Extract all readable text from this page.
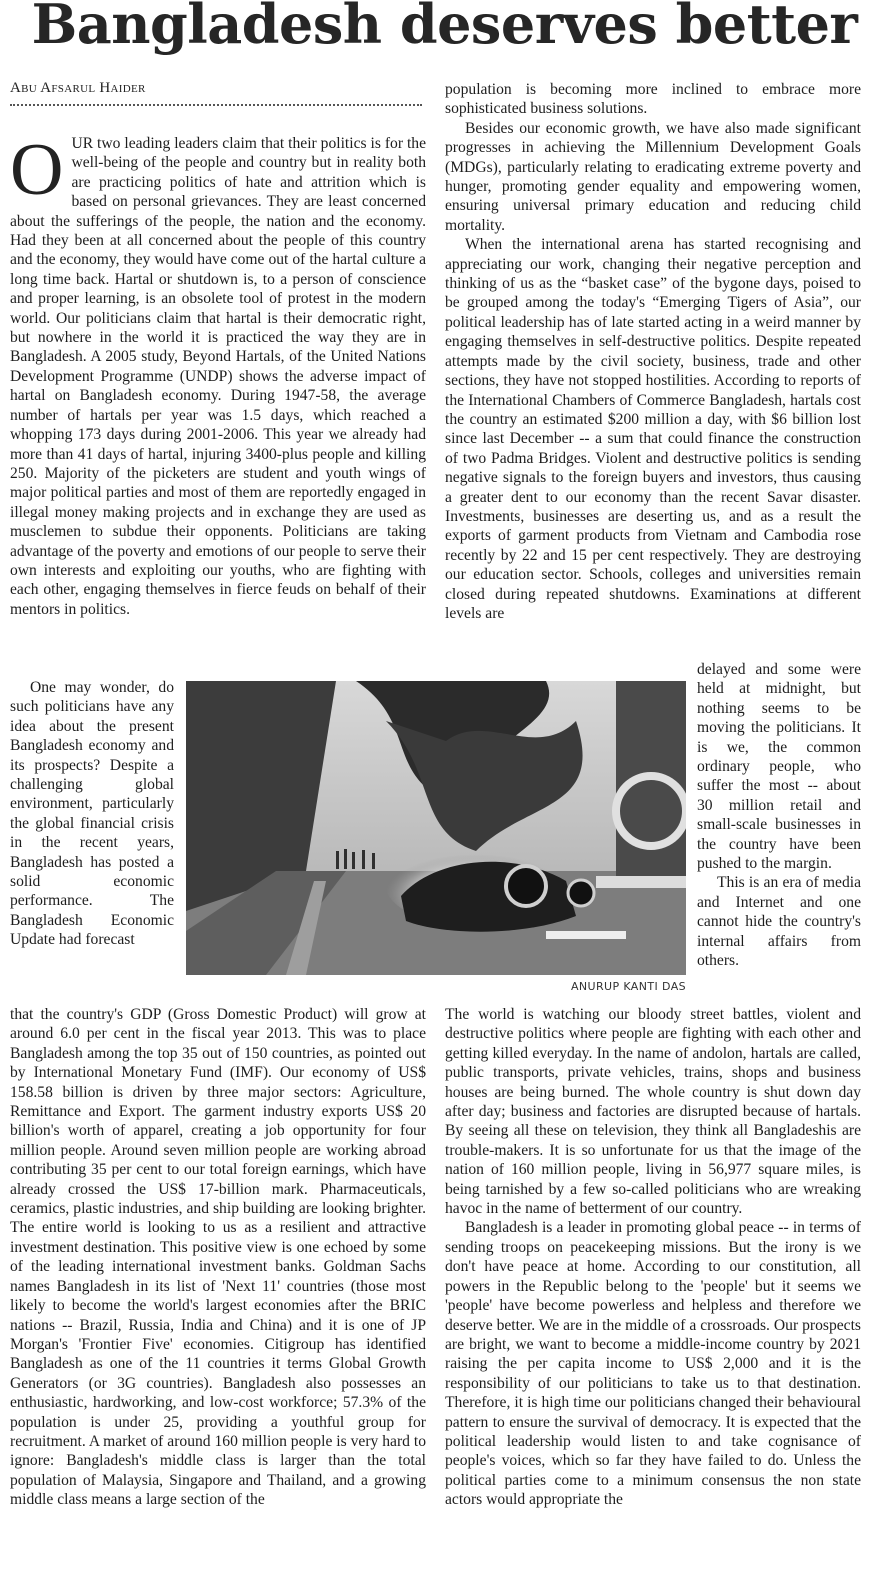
Bangladesh deserves better
Abu Afsarul Haider

OUR two leading leaders claim that their politics is for the well-being of the people and country but in reality both are practicing politics of hate and attrition which is based on personal grievances. They are least concerned about the sufferings of the people, the nation and the economy. Had they been at all concerned about the people of this country and the economy, they would have come out of the hartal culture a long time back. Hartal or shutdown is, to a person of conscience and proper learning, is an obsolete tool of protest in the modern world. Our politicians claim that hartal is their democratic right, but nowhere in the world it is practiced the way they are in Bangladesh. A 2005 study, Beyond Hartals, of the United Nations Development Programme (UNDP) shows the adverse impact of hartal on Bangladesh economy. During 1947-58, the average number of hartals per year was 1.5 days, which reached a whopping 173 days during 2001-2006. This year we already had more than 41 days of hartal, injuring 3400-plus people and killing 250. Majority of the picketers are student and youth wings of major political parties and most of them are reportedly engaged in illegal money making projects and in exchange they are used as musclemen to subdue their opponents. Politicians are taking advantage of the poverty and emotions of our people to serve their own interests and exploiting our youths, who are fighting with each other, engaging themselves in fierce feuds on behalf of their mentors in politics.

One may wonder, do such politicians have any idea about the present Bangladesh economy and its prospects? Despite a challenging global environment, particularly the global financial crisis in the recent years, Bangladesh has posted a solid economic performance. The Bangladesh Economic Update had forecast

that the country's GDP (Gross Domestic Product) will grow at around 6.0 per cent in the fiscal year 2013. This was to place Bangladesh among the top 35 out of 150 countries, as pointed out by International Monetary Fund (IMF). Our economy of US$ 158.58 billion is driven by three major sectors: Agriculture, Remittance and Export. The garment industry exports US$ 20 billion's worth of apparel, creating a job opportunity for four million people. Around seven million people are working abroad contributing 35 per cent to our total foreign earnings, which have already crossed the US$ 17-billion mark. Pharmaceuticals, ceramics, plastic industries, and ship building are looking brighter. The entire world is looking to us as a resilient and attractive investment destination. This positive view is one echoed by some of the leading international investment banks. Goldman Sachs names Bangladesh in its list of 'Next 11' countries (those most likely to become the world's largest economies after the BRIC nations -- Brazil, Russia, India and China) and it is one of JP Morgan's 'Frontier Five' economies. Citigroup has identified Bangladesh as one of the 11 countries it terms Global Growth Generators (or 3G countries). Bangladesh also possesses an enthusiastic, hardworking, and low-cost workforce; 57.3% of the population is under 25, providing a youthful group for recruitment. A market of around 160 million people is very hard to ignore: Bangladesh's middle class is larger than the total population of Malaysia, Singapore and Thailand, and a growing middle class means a large section of the

population is becoming more inclined to embrace more sophisticated business solutions.

Besides our economic growth, we have also made significant progresses in achieving the Millennium Development Goals (MDGs), particularly relating to eradicating extreme poverty and hunger, promoting gender equality and empowering women, ensuring universal primary education and reducing child mortality.

When the international arena has started recognising and appreciating our work, changing their negative perception and thinking of us as the “basket case” of the bygone days, poised to be grouped among the today's “Emerging Tigers of Asia”, our political leadership has of late started acting in a weird manner by engaging themselves in self-destructive politics. Despite repeated attempts made by the civil society, business, trade and other sections, they have not stopped hostilities. According to reports of the International Chambers of Commerce Bangladesh, hartals cost the country an estimated $200 million a day, with $6 billion lost since last December -- a sum that could finance the construction of two Padma Bridges. Violent and destructive politics is sending negative signals to the foreign buyers and investors, thus causing a greater dent to our economy than the recent Savar disaster. Investments, businesses are deserting us, and as a result the exports of garment products from Vietnam and Cambodia rose recently by 22 and 15 per cent respectively. They are destroying our education sector. Schools, colleges and universities remain closed during repeated shutdowns. Examinations at different levels are

delayed and some were held at midnight, but nothing seems to be moving the politicians. It is we, the common ordinary people, who suffer the most -- about 30 million retail and small-scale businesses in the country have been pushed to the margin.

This is an era of media and Internet and one cannot hide the country's internal affairs from others.

The world is watching our bloody street battles, violent and destructive politics where people are fighting with each other and getting killed everyday. In the name of andolon, hartals are called, public transports, private vehicles, trains, shops and business houses are being burned. The whole country is shut down day after day; business and factories are disrupted because of hartals. By seeing all these on television, they think all Bangladeshis are trouble-makers. It is so unfortunate for us that the image of the nation of 160 million people, living in 56,977 square miles, is being tarnished by a few so-called politicians who are wreaking havoc in the name of betterment of our country.

Bangladesh is a leader in promoting global peace -- in terms of sending troops on peacekeeping missions. But the irony is we don't have peace at home. According to our constitution, all powers in the Republic belong to the 'people' but it seems we 'people' have become powerless and helpless and therefore we deserve better. We are in the middle of a crossroads. Our prospects are bright, we want to become a middle-income country by 2021 raising the per capita income to US$ 2,000 and it is the responsibility of our politicians to take us to that destination. Therefore, it is high time our politicians changed their behavioural pattern to ensure the survival of democracy. It is expected that the political leadership would listen to and take cognisance of people's voices, which so far they have failed to do. Unless the political parties come to a minimum consensus the non state actors would appropriate the

ANURUP KANTI DAS
